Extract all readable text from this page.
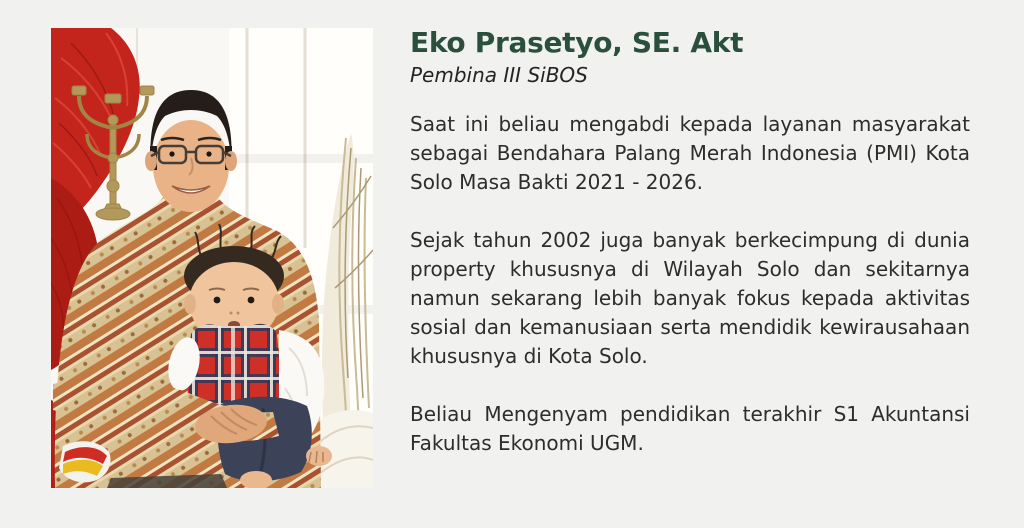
Eko Prasetyo, SE. Akt

Pembina III SiBOS

Saat ini beliau mengabdi kepada layanan masyarakat sebagai Bendahara Palang Merah Indonesia (PMI) Kota Solo Masa Bakti 2021 - 2026.

Sejak tahun 2002 juga banyak berkecimpung di dunia property khususnya di Wilayah Solo dan sekitarnya namun sekarang lebih banyak fokus kepada aktivitas sosial dan kemanusiaan serta mendidik kewirausahaan khususnya di Kota Solo.

Beliau Mengenyam pendidikan terakhir S1 Akuntansi Fakultas Ekonomi UGM.
